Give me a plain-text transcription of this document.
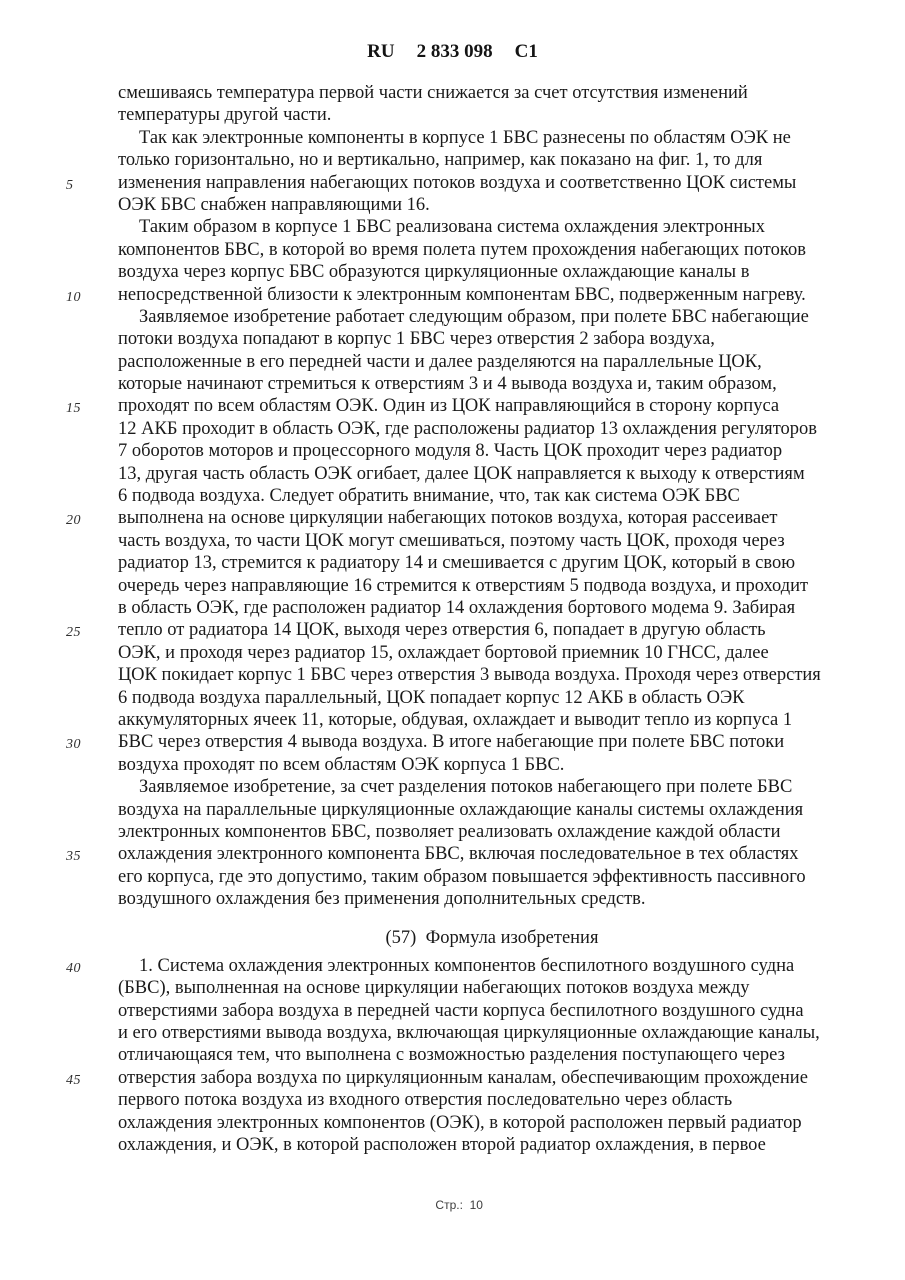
RU 2 833 098 C1
смешиваясь температура первой части снижается за счет отсутствия изменений
температуры другой части.
Так как электронные компоненты в корпусе 1 БВС разнесены по областям ОЭК не
только горизонтально, но и вертикально, например, как показано на фиг. 1, то для
5 изменения направления набегающих потоков воздуха и соответственно ЦОК системы
ОЭК БВС снабжен направляющими 16.
Таким образом в корпусе 1 БВС реализована система охлаждения электронных
компонентов БВС, в которой во время полета путем прохождения набегающих потоков
воздуха через корпус БВС образуются циркуляционные охлаждающие каналы в
10 непосредственной близости к электронным компонентам БВС, подверженным нагреву.
Заявляемое изобретение работает следующим образом, при полете БВС набегающие
потоки воздуха попадают в корпус 1 БВС через отверстия 2 забора воздуха,
расположенные в его передней части и далее разделяются на параллельные ЦОК,
которые начинают стремиться к отверстиям 3 и 4 вывода воздуха и, таким образом,
15 проходят по всем областям ОЭК. Один из ЦОК направляющийся в сторону корпуса
12 АКБ проходит в область ОЭК, где расположены радиатор 13 охлаждения регуляторов
7 оборотов моторов и процессорного модуля 8. Часть ЦОК проходит через радиатор
13, другая часть область ОЭК огибает, далее ЦОК направляется к выходу к отверстиям
6 подвода воздуха. Следует обратить внимание, что, так как система ОЭК БВС
20 выполнена на основе циркуляции набегающих потоков воздуха, которая рассеивает
часть воздуха, то части ЦОК могут смешиваться, поэтому часть ЦОК, проходя через
радиатор 13, стремится к радиатору 14 и смешивается с другим ЦОК, который в свою
очередь через направляющие 16 стремится к отверстиям 5 подвода воздуха, и проходит
в область ОЭК, где расположен радиатор 14 охлаждения бортового модема 9. Забирая
25 тепло от радиатора 14 ЦОК, выходя через отверстия 6, попадает в другую область
ОЭК, и проходя через радиатор 15, охлаждает бортовой приемник 10 ГНСС, далее
ЦОК покидает корпус 1 БВС через отверстия 3 вывода воздуха. Проходя через отверстия
6 подвода воздуха параллельный, ЦОК попадает корпус 12 АКБ в область ОЭК
аккумуляторных ячеек 11, которые, обдувая, охлаждает и выводит тепло из корпуса 1
30 БВС через отверстия 4 вывода воздуха. В итоге набегающие при полете БВС потоки
воздуха проходят по всем областям ОЭК корпуса 1 БВС.
Заявляемое изобретение, за счет разделения потоков набегающего при полете БВС
воздуха на параллельные циркуляционные охлаждающие каналы системы охлаждения
электронных компонентов БВС, позволяет реализовать охлаждение каждой области
35 охлаждения электронного компонента БВС, включая последовательное в тех областях
его корпуса, где это допустимо, таким образом повышается эффективность пассивного
воздушного охлаждения без применения дополнительных средств.
(57)  Формула изобретения
40	1. Система охлаждения электронных компонентов беспилотного воздушного судна
(БВС), выполненная на основе циркуляции набегающих потоков воздуха между
отверстиями забора воздуха в передней части корпуса беспилотного воздушного судна
и его отверстиями вывода воздуха, включающая циркуляционные охлаждающие каналы,
отличающаяся тем, что выполнена с возможностью разделения поступающего через
45 отверстия забора воздуха по циркуляционным каналам, обеспечивающим прохождение
первого потока воздуха из входного отверстия последовательно через область
охлаждения электронных компонентов (ОЭК), в которой расположен первый радиатор
охлаждения, и ОЭК, в которой расположен второй радиатор охлаждения, в первое

Стр.:  10
